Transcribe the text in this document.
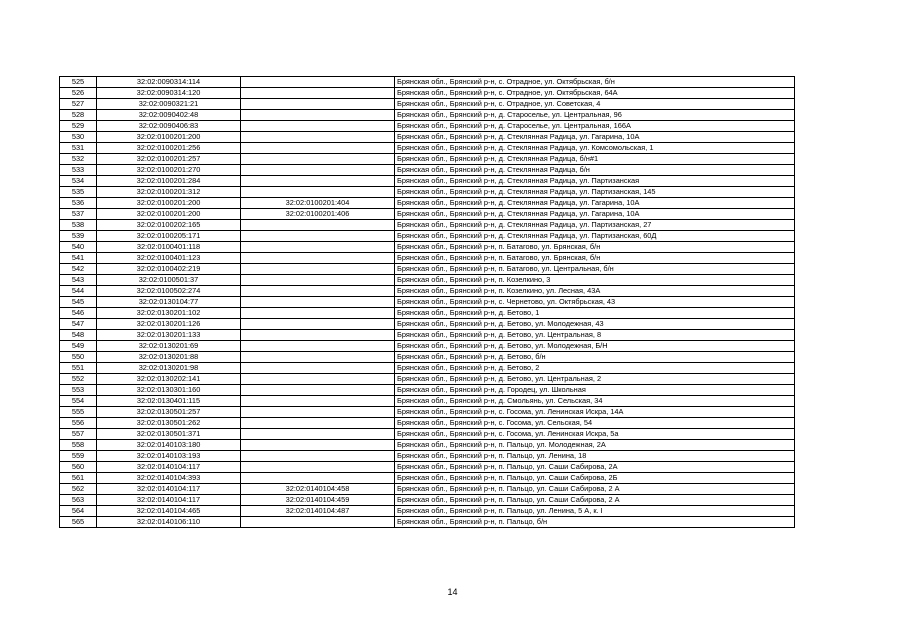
525	32:02:0090314:114		Брянская обл., Брянский р-н, с. Отрадное, ул. Октябрьская, б/н
526	32:02:0090314:120		Брянская обл., Брянский р-н, с. Отрадное, ул. Октябрьская, 64А
527	32:02:0090321:21		Брянская обл., Брянский р-н, с. Отрадное, ул. Советская, 4
528	32:02:0090402:48		Брянская обл., Брянский р-н, д. Староселье, ул. Центральная, 96
529	32:02:0090406:83		Брянская обл., Брянский р-н, д. Староселье, ул. Центральная, 166А
530	32:02:0100201:200		Брянская обл., Брянский р-н, д. Стеклянная Радица, ул. Гагарина, 10А
531	32:02:0100201:256		Брянская обл., Брянский р-н, д. Стеклянная Радица, ул. Комсомольская, 1
532	32:02:0100201:257		Брянская обл., Брянский р-н, д. Стеклянная Радица, б/н#1
533	32:02:0100201:270		Брянская обл., Брянский р-н, д. Стеклянная Радица, б/н
534	32:02:0100201:284		Брянская обл., Брянский р-н, д. Стеклянная Радица, ул. Партизанская
535	32:02:0100201:312		Брянская обл., Брянский р-н, д. Стеклянная Радица, ул. Партизанская, 145
536	32:02:0100201:200	32:02:0100201:404	Брянская обл., Брянский р-н, д. Стеклянная Радица, ул. Гагарина, 10А
537	32:02:0100201:200	32:02:0100201:406	Брянская обл., Брянский р-н, д. Стеклянная Радица, ул. Гагарина, 10А
538	32:02:0100202:165		Брянская обл., Брянский р-н, д. Стеклянная Радица, ул. Партизанская, 27
539	32:02:0100205:171		Брянская обл., Брянский р-н, д. Стеклянная Радица, ул. Партизанская, 60Д
540	32:02:0100401:118		Брянская обл., Брянский р-н, п. Батагово, ул. Брянская, б/н
541	32:02:0100401:123		Брянская обл., Брянский р-н, п. Батагово, ул. Брянская, б/н
542	32:02:0100402:219		Брянская обл., Брянский р-н, п. Батагово, ул. Центральная, б/н
543	32:02:0100501:37		Брянская обл., Брянский р-н, п. Козелкино, 3
544	32:02:0100502:274		Брянская обл., Брянский р-н, п. Козелкино, ул. Лесная, 43А
545	32:02:0130104:77		Брянская обл., Брянский р-н, с. Чернетово, ул. Октябрьская, 43
546	32:02:0130201:102		Брянская обл., Брянский р-н, д. Бетово, 1
547	32:02:0130201:126		Брянская обл., Брянский р-н, д. Бетово, ул. Молодежная, 43
548	32:02:0130201:133		Брянская обл., Брянский р-н, д. Бетово, ул. Центральная, 8
549	32:02:0130201:69		Брянская обл., Брянский р-н, д. Бетово, ул. Молодежная, Б/Н
550	32:02:0130201:88		Брянская обл., Брянский р-н, д. Бетово, б/н
551	32:02:0130201:98		Брянская обл., Брянский р-н, д. Бетово, 2
552	32:02:0130202:141		Брянская обл., Брянский р-н, д. Бетово, ул. Центральная, 2
553	32:02:0130301:160		Брянская обл., Брянский р-н, д. Городец, ул. Школьная
554	32:02:0130401:115		Брянская обл., Брянский р-н, д. Смольянь, ул. Сельская, 34
555	32:02:0130501:257		Брянская обл., Брянский р-н, с. Госома, ул. Ленинская Искра, 14А
556	32:02:0130501:262		Брянская обл., Брянский р-н, с. Госома, ул. Сельская, 54
557	32:02:0130501:371		Брянская обл., Брянский р-н, с. Госома, ул. Ленинская Искра, 5а
558	32:02:0140103:180		Брянская обл., Брянский р-н, п. Пальцо, ул. Молодежная, 2А
559	32:02:0140103:193		Брянская обл., Брянский р-н, п. Пальцо, ул. Ленина, 18
560	32:02:0140104:117		Брянская обл., Брянский р-н, п. Пальцо, ул. Саши Сабирова, 2А
561	32:02:0140104:393		Брянская обл., Брянский р-н, п. Пальцо, ул. Саши Сабирова, 2Б
562	32:02:0140104:117	32:02:0140104:458	Брянская обл., Брянский р-н, п. Пальцо, ул. Саши Сабирова, 2 А
563	32:02:0140104:117	32:02:0140104:459	Брянская обл., Брянский р-н, п. Пальцо, ул. Саши Сабирова, 2 А
564	32:02:0140104:465	32:02:0140104:487	Брянская обл., Брянский р-н, п. Пальцо, ул. Ленина, 5 А, к. I
565	32:02:0140106:110		Брянская обл., Брянский р-н, п. Пальцо, б/н
14
